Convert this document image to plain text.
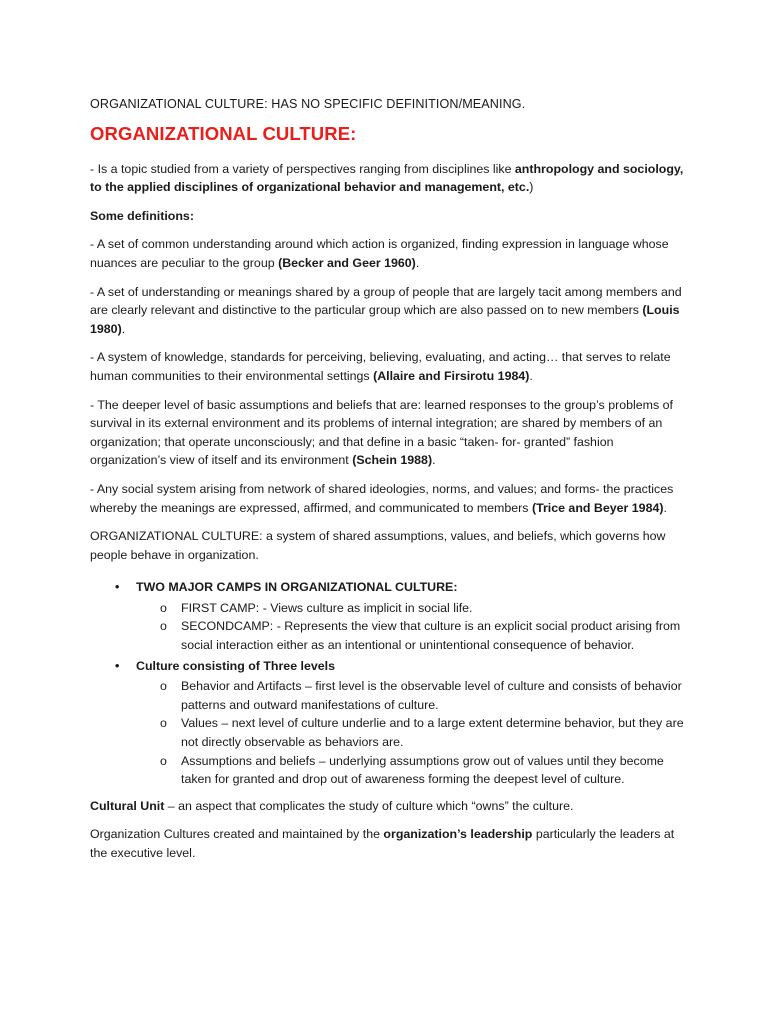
ORGANIZATIONAL CULTURE: HAS NO SPECIFIC DEFINITION/MEANING.

ORGANIZATIONAL CULTURE:

- Is a topic studied from a variety of perspectives ranging from disciplines like anthropology and sociology, to the applied disciplines of organizational behavior and management, etc.)

Some definitions:

- A set of common understanding around which action is organized, finding expression in language whose nuances are peculiar to the group (Becker and Geer 1960).

- A set of understanding or meanings shared by a group of people that are largely tacit among members and are clearly relevant and distinctive to the particular group which are also passed on to new members (Louis 1980).

- A system of knowledge, standards for perceiving, believing, evaluating, and acting… that serves to relate human communities to their environmental settings (Allaire and Firsirotu 1984).

- The deeper level of basic assumptions and beliefs that are: learned responses to the group’s problems of survival in its external environment and its problems of internal integration; are shared by members of an organization; that operate unconsciously; and that define in a basic “taken- for- granted” fashion organization’s view of itself and its environment (Schein 1988).

- Any social system arising from network of shared ideologies, norms, and values; and forms- the practices whereby the meanings are expressed, affirmed, and communicated to members (Trice and Beyer 1984).

ORGANIZATIONAL CULTURE: a system of shared assumptions, values, and beliefs, which governs how people behave in organization.

• TWO MAJOR CAMPS IN ORGANIZATIONAL CULTURE:
o FIRST CAMP: - Views culture as implicit in social life.
o SECONDCAMP: - Represents the view that culture is an explicit social product arising from social interaction either as an intentional or unintentional consequence of behavior.
• Culture consisting of Three levels
o Behavior and Artifacts – first level is the observable level of culture and consists of behavior patterns and outward manifestations of culture.
o Values – next level of culture underlie and to a large extent determine behavior, but they are not directly observable as behaviors are.
o Assumptions and beliefs – underlying assumptions grow out of values until they become taken for granted and drop out of awareness forming the deepest level of culture.

Cultural Unit – an aspect that complicates the study of culture which “owns” the culture.

Organization Cultures created and maintained by the organization’s leadership particularly the leaders at the executive level.
